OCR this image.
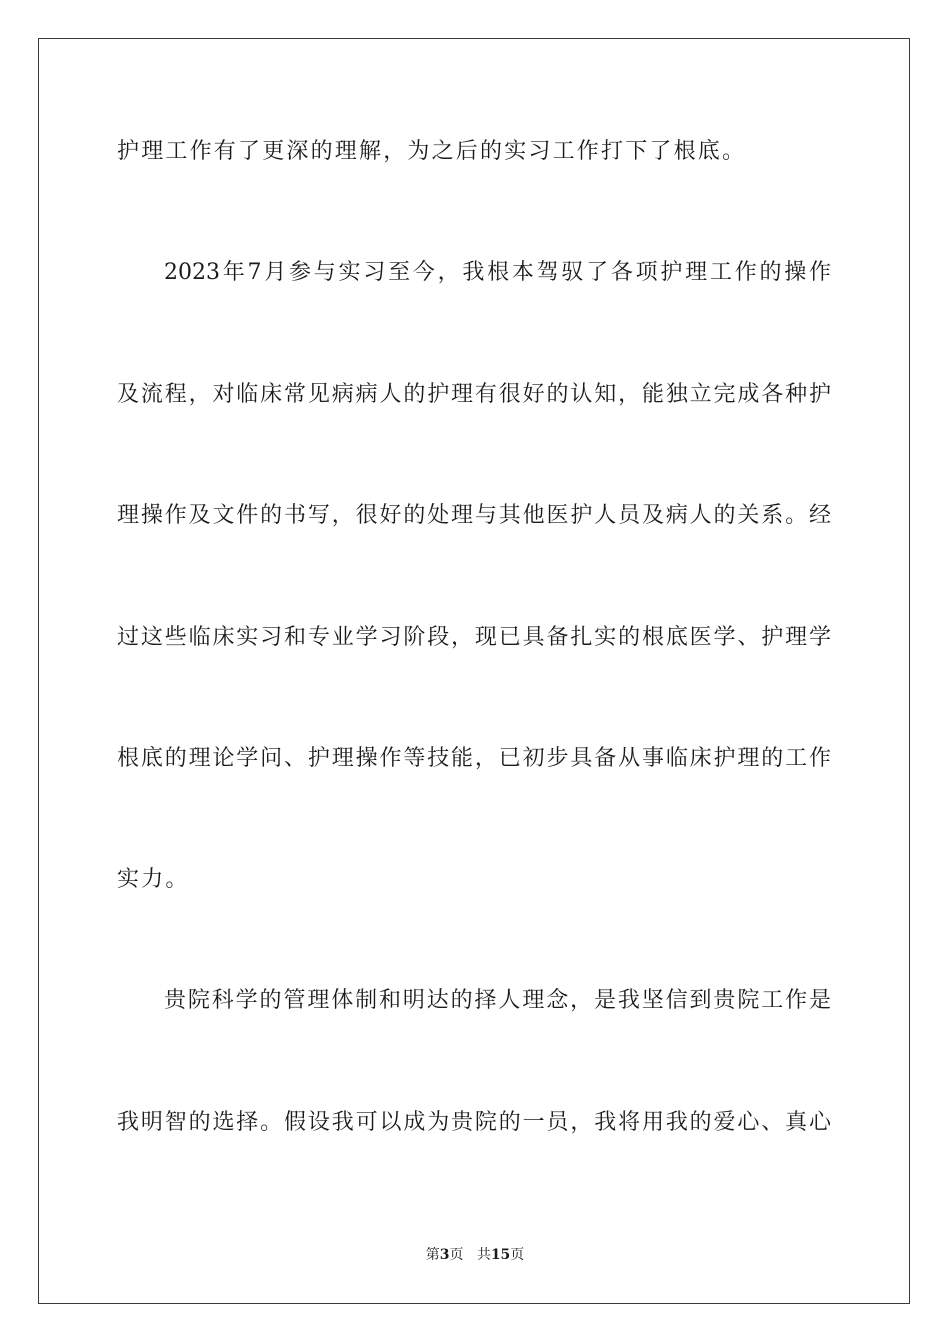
护理工作有了更深的理解，为之后的实习工作打下了根底。
2023年7月参与实习至今，我根本驾驭了各项护理工作的操作
及流程，对临床常见病病人的护理有很好的认知，能独立完成各种护
理操作及文件的书写，很好的处理与其他医护人员及病人的关系。经
过这些临床实习和专业学习阶段，现已具备扎实的根底医学、护理学
根底的理论学问、护理操作等技能，已初步具备从事临床护理的工作
实力。
贵院科学的管理体制和明达的择人理念，是我坚信到贵院工作是
我明智的选择。假设我可以成为贵院的一员，我将用我的爱心、真心
第3页 共15页
